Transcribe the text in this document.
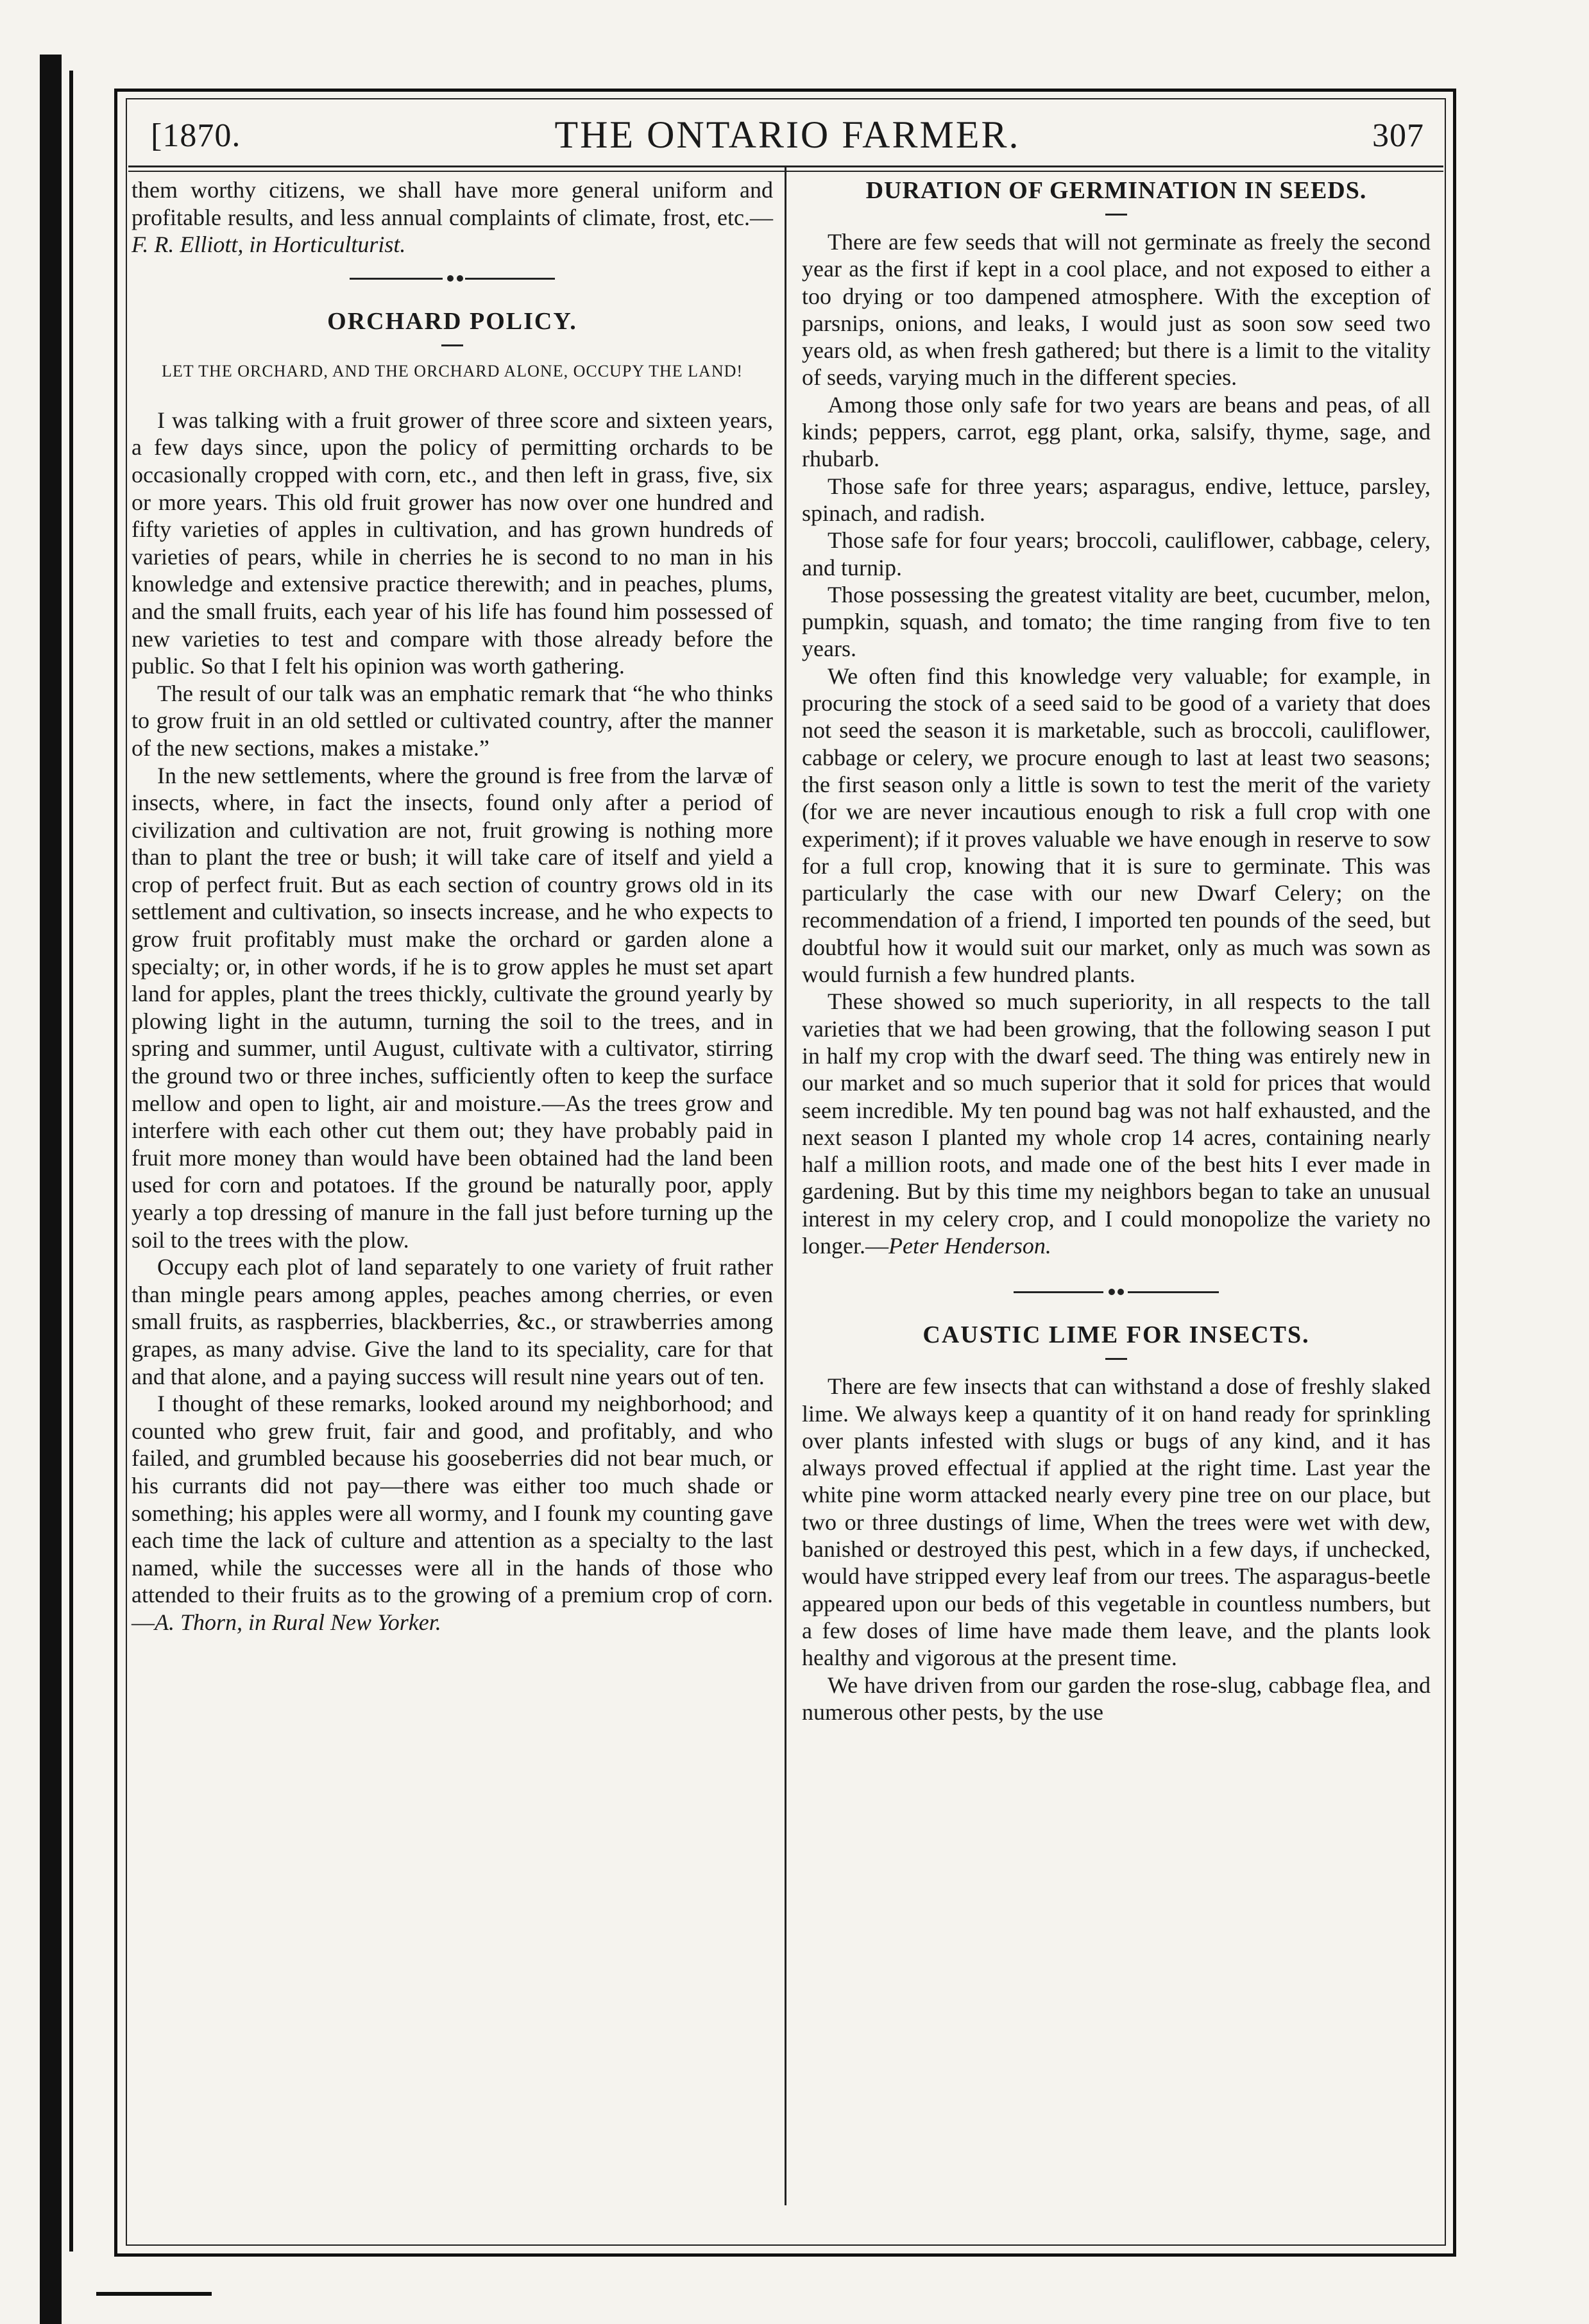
[1870.	THE ONTARIO FARMER.	307

them worthy citizens, we shall have more general uniform and profitable results, and less annual complaints of climate, frost, etc.—F. R. Elliott, in Horticulturist.

ORCHARD POLICY.

LET THE ORCHARD, AND THE ORCHARD ALONE, OCCUPY THE LAND!

I was talking with a fruit grower of three score and sixteen years, a few days since, upon the policy of permitting orchards to be occasionally cropped with corn, etc., and then left in grass, five, six or more years. This old fruit grower has now over one hundred and fifty varieties of apples in cultivation, and has grown hundreds of varieties of pears, while in cherries he is second to no man in his knowledge and extensive practice therewith; and in peaches, plums, and the small fruits, each year of his life has found him possessed of new varieties to test and compare with those already before the public. So that I felt his opinion was worth gathering.

The result of our talk was an emphatic remark that “he who thinks to grow fruit in an old settled or cultivated country, after the manner of the new sections, makes a mistake.”

In the new settlements, where the ground is free from the larvæ of insects, where, in fact the insects, found only after a period of civilization and cultivation are not, fruit growing is nothing more than to plant the tree or bush; it will take care of itself and yield a crop of perfect fruit. But as each section of country grows old in its settlement and cultivation, so insects increase, and he who expects to grow fruit profitably must make the orchard or garden alone a specialty; or, in other words, if he is to grow apples he must set apart land for apples, plant the trees thickly, cultivate the ground yearly by plowing light in the autumn, turning the soil to the trees, and in spring and summer, until August, cultivate with a cultivator, stirring the ground two or three inches, sufficiently often to keep the surface mellow and open to light, air and moisture.—As the trees grow and interfere with each other cut them out; they have probably paid in fruit more money than would have been obtained had the land been used for corn and potatoes. If the ground be naturally poor, apply yearly a top dressing of manure in the fall just before turning up the soil to the trees with the plow.

Occupy each plot of land separately to one variety of fruit rather than mingle pears among apples, peaches among cherries, or even small fruits, as raspberries, blackberries, &c., or strawberries among grapes, as many advise. Give the land to its speciality, care for that and that alone, and a paying success will result nine years out of ten.

I thought of these remarks, looked around my neighborhood; and counted who grew fruit, fair and good, and profitably, and who failed, and grumbled because his gooseberries did not bear much, or his currants did not pay—there was either too much shade or something; his apples were all wormy, and I founk my counting gave each time the lack of culture and attention as a specialty to the last named, while the successes were all in the hands of those who attended to their fruits as to the growing of a premium crop of corn.—A. Thorn, in Rural New Yorker.

DURATION OF GERMINATION IN SEEDS.

There are few seeds that will not germinate as freely the second year as the first if kept in a cool place, and not exposed to either a too drying or too dampened atmosphere. With the exception of parsnips, onions, and leaks, I would just as soon sow seed two years old, as when fresh gathered; but there is a limit to the vitality of seeds, varying much in the different species.

Among those only safe for two years are beans and peas, of all kinds; peppers, carrot, egg plant, orka, salsify, thyme, sage, and rhubarb.

Those safe for three years; asparagus, endive, lettuce, parsley, spinach, and radish.

Those safe for four years; broccoli, cauliflower, cabbage, celery, and turnip.

Those possessing the greatest vitality are beet, cucumber, melon, pumpkin, squash, and tomato; the time ranging from five to ten years.

We often find this knowledge very valuable; for example, in procuring the stock of a seed said to be good of a variety that does not seed the season it is marketable, such as broccoli, cauliflower, cabbage or celery, we procure enough to last at least two seasons; the first season only a little is sown to test the merit of the variety (for we are never incautious enough to risk a full crop with one experiment); if it proves valuable we have enough in reserve to sow for a full crop, knowing that it is sure to germinate. This was particularly the case with our new Dwarf Celery; on the recommendation of a friend, I imported ten pounds of the seed, but doubtful how it would suit our market, only as much was sown as would furnish a few hundred plants.

These showed so much superiority, in all respects to the tall varieties that we had been growing, that the following season I put in half my crop with the dwarf seed. The thing was entirely new in our market and so much superior that it sold for prices that would seem incredible. My ten pound bag was not half exhausted, and the next season I planted my whole crop 14 acres, containing nearly half a million roots, and made one of the best hits I ever made in gardening. But by this time my neighbors began to take an unusual interest in my celery crop, and I could monopolize the variety no longer.—Peter Henderson.

CAUSTIC LIME FOR INSECTS.

There are few insects that can withstand a dose of freshly slaked lime. We always keep a quantity of it on hand ready for sprinkling over plants infested with slugs or bugs of any kind, and it has always proved effectual if applied at the right time. Last year the white pine worm attacked nearly every pine tree on our place, but two or three dustings of lime, When the trees were wet with dew, banished or destroyed this pest, which in a few days, if unchecked, would have stripped every leaf from our trees. The asparagus-beetle appeared upon our beds of this vegetable in countless numbers, but a few doses of lime have made them leave, and the plants look healthy and vigorous at the present time.

We have driven from our garden the rose-slug, cabbage flea, and numerous other pests, by the use
